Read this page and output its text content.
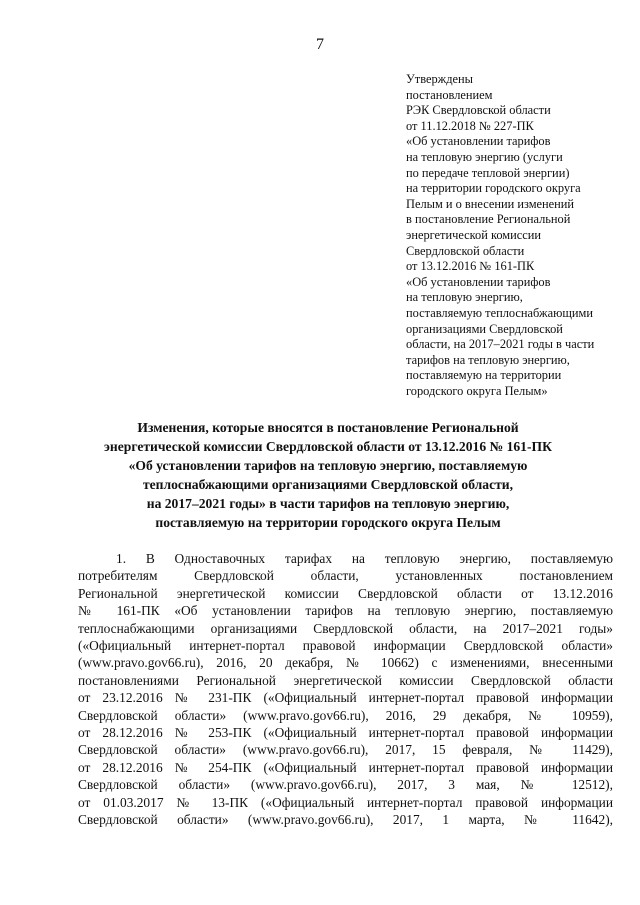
7
Утверждены
постановлением
РЭК Свердловской области
от 11.12.2018 № 227-ПК
«Об установлении тарифов
на тепловую энергию (услуги
по передаче тепловой энергии)
на территории городского округа
Пелым и о внесении изменений
в постановление Региональной
энергетической комиссии
Свердловской области
от 13.12.2016 № 161-ПК
«Об установлении тарифов
на тепловую энергию,
поставляемую теплоснабжающими
организациями Свердловской
области, на 2017–2021 годы в части
тарифов на тепловую энергию,
поставляемую на территории
городского округа Пелым»
Изменения, которые вносятся в постановление Региональной
энергетической комиссии Свердловской области от 13.12.2016 № 161-ПК
«Об установлении тарифов на тепловую энергию, поставляемую
теплоснабжающими организациями Свердловской области,
на 2017–2021 годы» в части тарифов на тепловую энергию,
поставляемую на территории городского округа Пелым
1. В Одноставочных тарифах на тепловую энергию, поставляемую
потребителям Свердловской области, установленных постановлением
Региональной энергетической комиссии Свердловской области от 13.12.2016
№ 161-ПК «Об установлении тарифов на тепловую энергию, поставляемую
теплоснабжающими организациями Свердловской области, на 2017–2021 годы»
(«Официальный интернет-портал правовой информации Свердловской области»
(www.pravo.gov66.ru), 2016, 20 декабря, № 10662) с изменениями, внесенными
постановлениями Региональной энергетической комиссии Свердловской области
от 23.12.2016 № 231-ПК («Официальный интернет-портал правовой информации
Свердловской области» (www.pravo.gov66.ru), 2016, 29 декабря, № 10959),
от 28.12.2016 № 253-ПК («Официальный интернет-портал правовой информации
Свердловской области» (www.pravo.gov66.ru), 2017, 15 февраля, № 11429),
от 28.12.2016 № 254-ПК («Официальный интернет-портал правовой информации
Свердловской области» (www.pravo.gov66.ru), 2017, 3 мая, № 12512),
от 01.03.2017 № 13-ПК («Официальный интернет-портал правовой информации
Свердловской области» (www.pravo.gov66.ru), 2017, 1 марта, № 11642),
